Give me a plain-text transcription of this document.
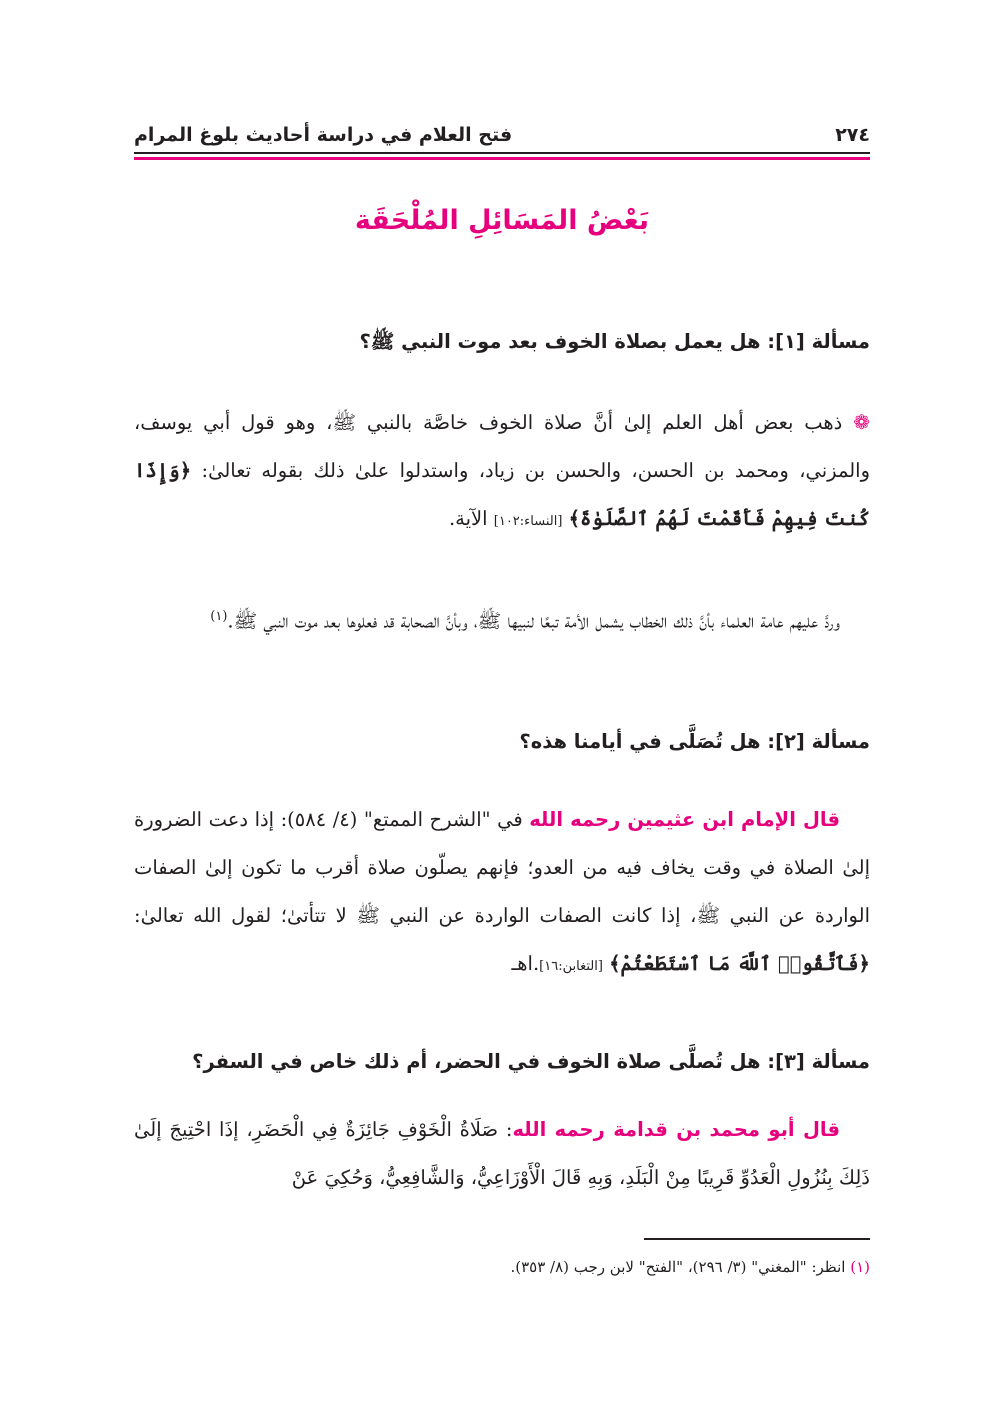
٢٧٤
فتح العلام في دراسة أحاديث بلوغ المرام
بَعْضُ المَسَائِلِ المُلْحَقَة
مسألة [١]: هل يعمل بصلاة الخوف بعد موت النبي ﷺ؟
❁ ذهب بعض أهل العلم إلىٰ أنَّ صلاة الخوف خاصَّة بالنبي ﷺ، وهو قول أبي يوسف، والمزني، ومحمد بن الحسن، والحسن بن زياد، واستدلوا علىٰ ذلك بقوله تعالىٰ: ﴿وَإِذَا كُنتَ فِيهِمْ فَأَقَمْتَ لَهُمُ ٱلصَّلَوٰةَ﴾ [النساء:١٠٢] الآية.
وردَّ عليهم عامة العلماء بأنَّ ذلك الخطاب يشمل الأمة تبعًا لنبيها ﷺ، وبأنَّ الصحابة قد فعلوها بعد موت النبي ﷺ.$^{(١)}$
مسألة [٢]: هل تُصَلَّى في أيامنا هذه؟
قال الإمام ابن عثيمين رحمه الله في "الشرح الممتع" (٤/ ٥٨٤): إذا دعت الضرورة إلىٰ الصلاة في وقت يخاف فيه من العدو؛ فإنهم يصلّون صلاة أقرب ما تكون إلىٰ الصفات الواردة عن النبي ﷺ، إذا كانت الصفات الواردة عن النبي ﷺ لا تتأتىٰ؛ لقول الله تعالىٰ: ﴿فَٱتَّقُوا۟ ٱللَّهَ مَا ٱسْتَطَعْتُمْ﴾ [التغابن:١٦].اهـ
مسألة [٣]: هل تُصلَّى صلاة الخوف في الحضر، أم ذلك خاص في السفر؟
قال أبو محمد بن قدامة رحمه الله: صَلَاةُ الْخَوْفِ جَائِزَةٌ فِي الْحَضَرِ، إذَا احْتِيجَ إلَىٰ ذَلِكَ بِنُزُولِ الْعَدُوِّ قَرِيبًا مِنْ الْبَلَدِ، وَبِهِ قَالَ الْأَوْزَاعِيُّ، وَالشَّافِعِيُّ، وَحُكِيَ عَنْ
(١) انظر: "المغني" (٣/ ٢٩٦)، "الفتح" لابن رجب (٨/ ٣٥٣).
